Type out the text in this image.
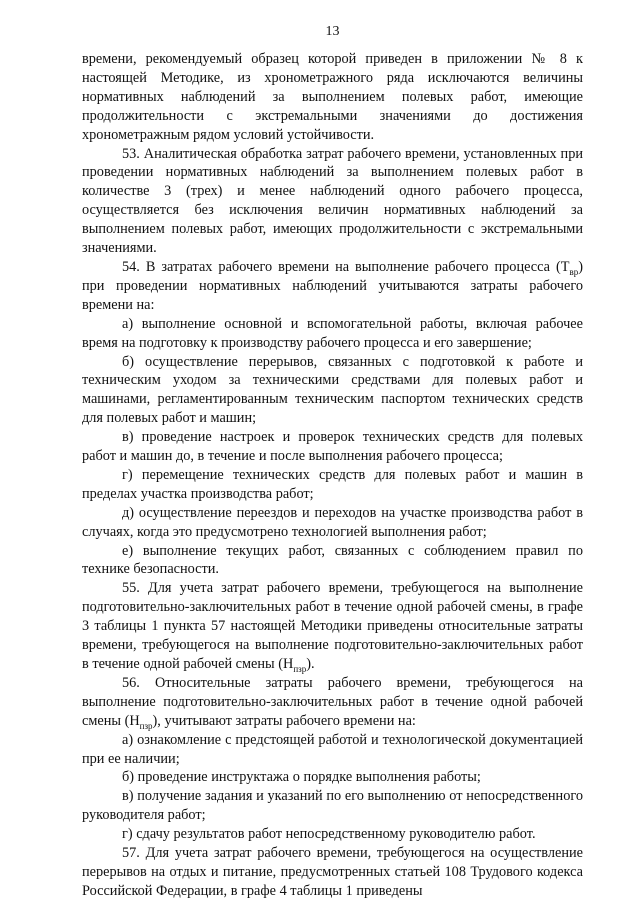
13

времени, рекомендуемый образец которой приведен в приложении № 8 к настоящей Методике, из хронометражного ряда исключаются величины нормативных наблюдений за выполнением полевых работ, имеющие продолжительности с экстремальными значениями до достижения хронометражным рядом условий устойчивости.

53. Аналитическая обработка затрат рабочего времени, установленных при проведении нормативных наблюдений за выполнением полевых работ в количестве 3 (трех) и менее наблюдений одного рабочего процесса, осуществляется без исключения величин нормативных наблюдений за выполнением полевых работ, имеющих продолжительности с экстремальными значениями.

54. В затратах рабочего времени на выполнение рабочего процесса $(Т_{вр})$ при проведении нормативных наблюдений учитываются затраты рабочего времени на:

а) выполнение основной и вспомогательной работы, включая рабочее время на подготовку к производству рабочего процесса и его завершение;

б) осуществление перерывов, связанных с подготовкой к работе и техническим уходом за техническими средствами для полевых работ и машинами, регламентированным техническим паспортом технических средств для полевых работ и машин;

в) проведение настроек и проверок технических средств для полевых работ и машин до, в течение и после выполнения рабочего процесса;

г) перемещение технических средств для полевых работ и машин в пределах участка производства работ;

д) осуществление переездов и переходов на участке производства работ в случаях, когда это предусмотрено технологией выполнения работ;

е) выполнение текущих работ, связанных с соблюдением правил по технике безопасности.

55. Для учета затрат рабочего времени, требующегося на выполнение подготовительно-заключительных работ в течение одной рабочей смены, в графе 3 таблицы 1 пункта 57 настоящей Методики приведены относительные затраты времени, требующегося на выполнение подготовительно-заключительных работ в течение одной рабочей смены $(Н_{пзр})$.

56. Относительные затраты рабочего времени, требующегося на выполнение подготовительно-заключительных работ в течение одной рабочей смены $(Н_{пзр})$, учитывают затраты рабочего времени на:

а) ознакомление с предстоящей работой и технологической документацией при ее наличии;

б) проведение инструктажа о порядке выполнения работы;

в) получение задания и указаний по его выполнению от непосредственного руководителя работ;

г) сдачу результатов работ непосредственному руководителю работ.

57. Для учета затрат рабочего времени, требующегося на осуществление перерывов на отдых и питание, предусмотренных статьей 108 Трудового кодекса Российской Федерации, в графе 4 таблицы 1 приведены
